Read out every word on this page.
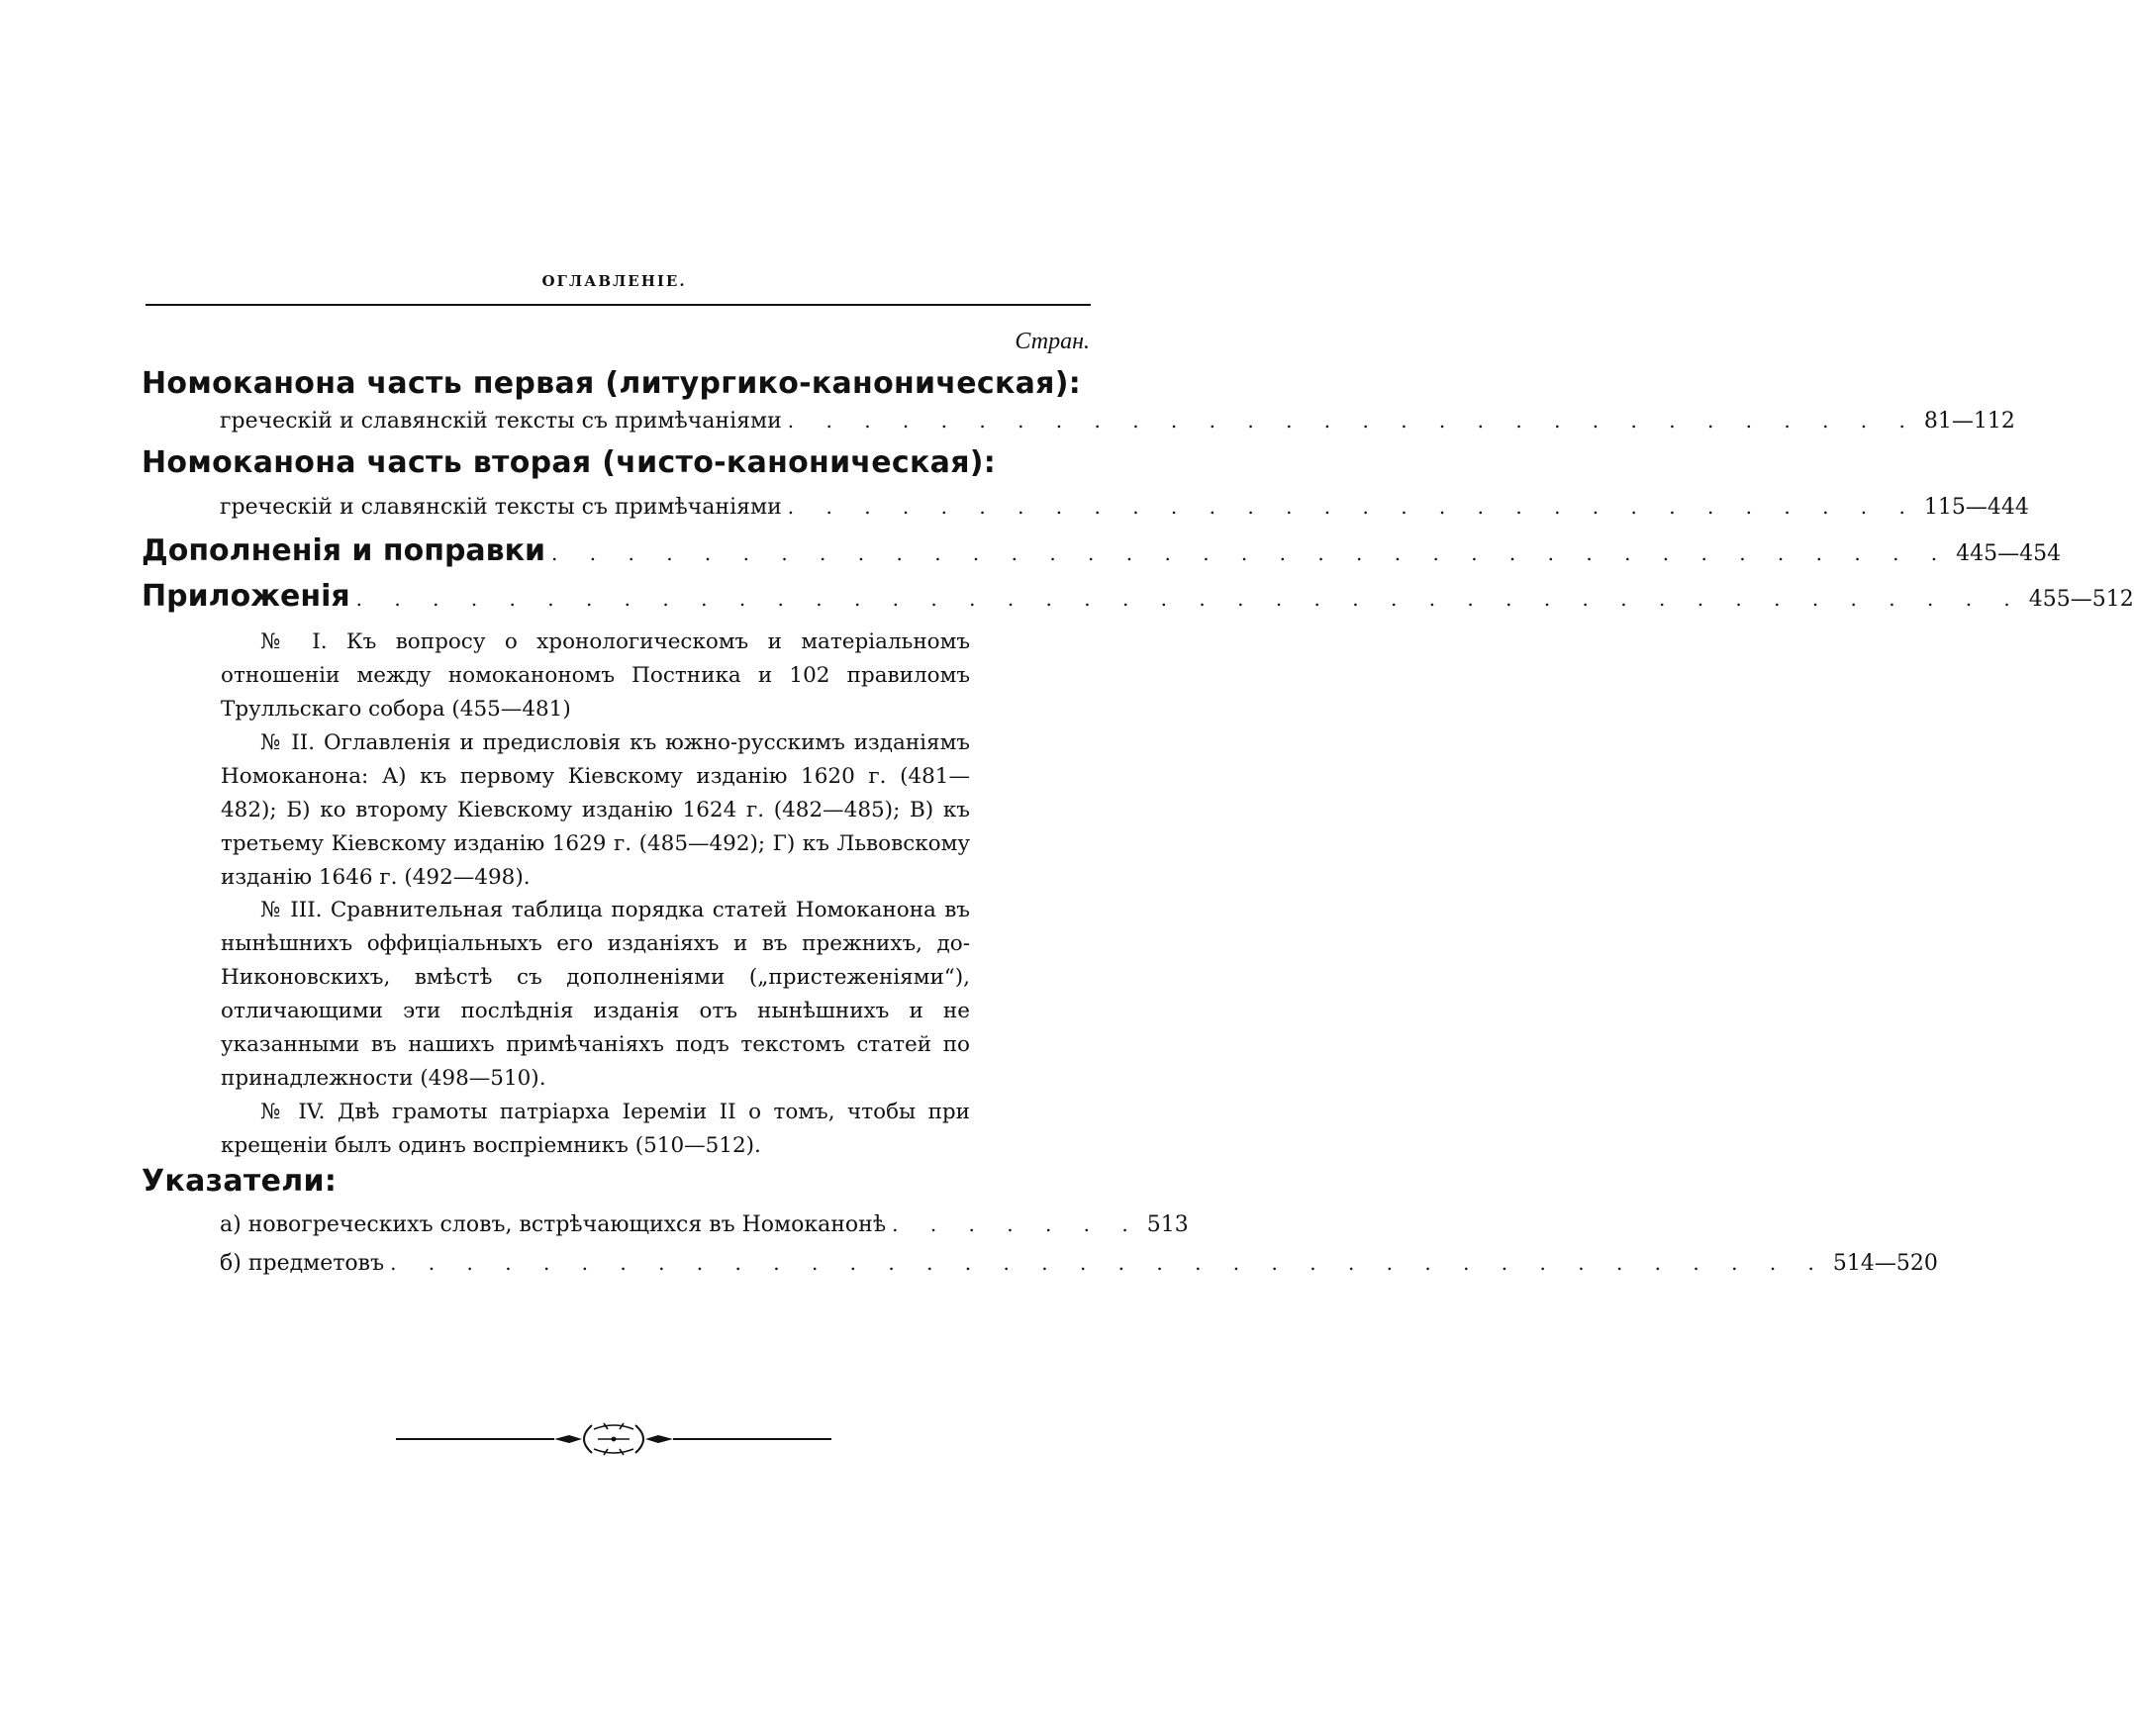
ОГЛАВЛЕНІЕ.
Стран.
Номоканона часть первая (литургико-каноническая):
греческій и славянскій тексты съ примѣчаніями . . . . . . . . . . . . . . . . . . . . . . . . . . . . . . 81—112
Номоканона часть вторая (чисто-каноническая):
греческій и славянскій тексты съ примѣчаніями . . . . . . . . . . . . . . . . . . . . . . . . . . . . . . 115—444
Дополненія и поправки . . . . . . . . . . . . . . . . . . . . . . . . . . . . . . . . . . . . . 445—454
Приложенія . . . . . . . . . . . . . . . . . . . . . . . . . . . . . . . . . . . . . . . . . . . . 455—512

№ I. Къ вопросу о хронологическомъ и матеріальномъ отношеніи между номоканономъ Постника и 102 правиломъ Трулльскаго собора (455—481)

№ II. Оглавленія и предисловія къ южно-русскимъ изданіямъ Номоканона: А) къ первому Кіевскому изданію 1620 г. (481—482); Б) ко второму Кіевскому изданію 1624 г. (482—485); В) къ третьему Кіевскому изданію 1629 г. (485—492); Г) къ Львовскому изданію 1646 г. (492—498).

№ III. Сравнительная таблица порядка статей Номоканона въ нынѣшнихъ оффиціальныхъ его изданіяхъ и въ прежнихъ, до-Никоновскихъ, вмѣстѣ съ дополненіями („пристеженіями“), отличающими эти послѣднія изданія отъ нынѣшнихъ и не указанными въ нашихъ примѣчаніяхъ подъ текстомъ статей по принадлежности (498—510).

№ IV. Двѣ грамоты патріарха Іереміи II о томъ, чтобы при крещеніи былъ одинъ воспріемникъ (510—512).

Указатели:
а) новогреческихъ словъ, встрѣчающихся въ Номоканонѣ . . . . . . . 513
б) предметовъ . . . . . . . . . . . . . . . . . . . . . . . . . . . . . . . . . . . . . . 514—520
